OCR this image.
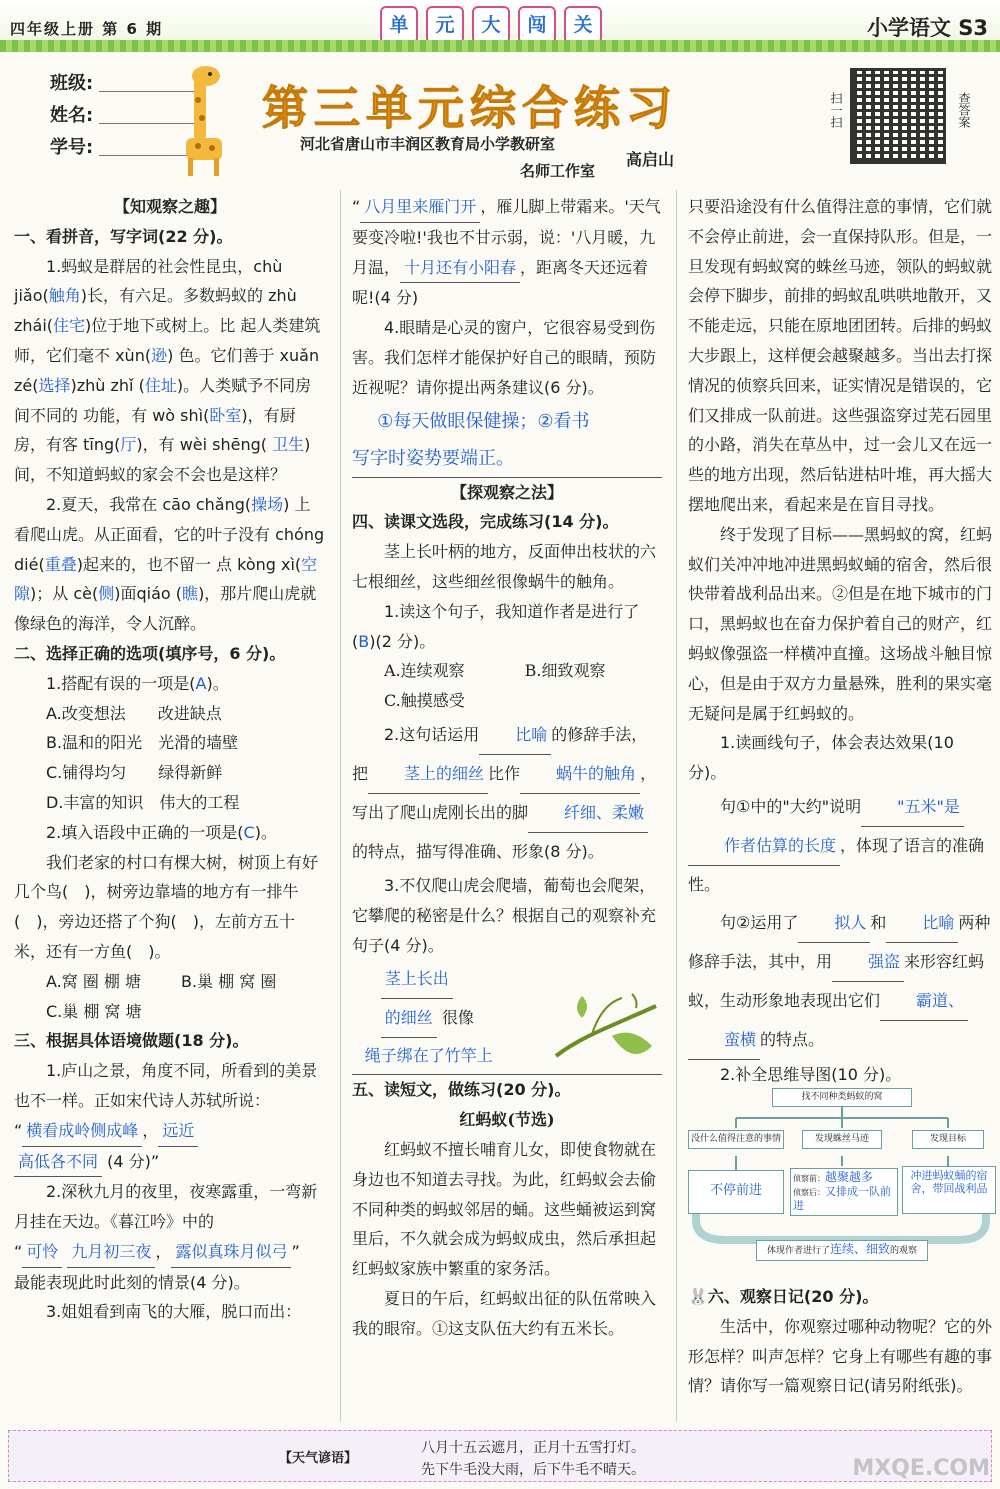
四年级上册 第 6 期	单	元	大	闯	关	小学语文 S3
班级:
姓名:
学号:
第三单元综合练习
河北省唐山市丰润区教育局小学教研室
名师工作室
高启山
扫一扫	查答案
【知观察之趣】
一、看拼音，写字词(22 分)。
1.蚂蚁是群居的社会性昆虫，chù jiǎo(触角)长，有六足。多数蚂蚁的 zhù zhái(住宅)位于地下或树上。比 起人类建筑师，它们毫不 xùn(逊) 色。它们善于 xuǎn zé(选择)zhù zhǐ (住址)。人类赋予不同房间不同的 功能，有 wò shì(卧室)，有厨房，有客 tīng(厅)，有 wèi shēng( 卫生)间，不知道蚂蚁的家会不会也是这样？
2.夏天，我常在 cāo chǎng(操场) 上看爬山虎。从正面看，它的叶子没有 chóng dié(重叠)起来的，也不留一 点 kòng xì(空隙)；从 cè(侧)面qiáo (瞧)，那片爬山虎就像绿色的海洋，令人沉醉。
二、选择正确的选项(填序号，6 分)。
1.搭配有误的一项是(A)。
A.改变想法　　改进缺点
B.温和的阳光　光滑的墙壁
C.铺得均匀　　绿得新鲜
D.丰富的知识　伟大的工程
2.填入语段中正确的一项是(C)。
我们老家的村口有棵大树，树顶上有好几个鸟(　)，树旁边靠墙的地方有一排牛(　)，旁边还搭了个狗(　)，左前方五十米，还有一方鱼(　)。
A.窝 圈 棚 塘	B.巢 棚 窝 圈
C.巢 棚 窝 塘
三、根据具体语境做题(18 分)。
1.庐山之景，角度不同，所看到的美景也不一样。正如宋代诗人苏轼所说：
“ 横看成岭侧成峰 ， 远近
高低各不同 (4 分)”
2.深秋九月的夜里，夜寒露重，一弯新月挂在天边。《暮江吟》中的
“ 可怜 九月初三夜 ， 露似真珠月似弓 ”
最能表现此时此刻的情景(4 分)。
3.姐姐看到南飞的大雁，脱口而出：
“ 八月里来雁门开 ，雁儿脚上带霜来。'天气要变冷啦!'我也不甘示弱，说：'八月暖，九月温， 十月还有小阳春 ，距离冬天还远着呢!(4 分)
4.眼睛是心灵的窗户，它很容易受到伤害。我们怎样才能保护好自己的眼睛，预防近视呢？请你提出两条建议(6 分)。
①每天做眼保健操；②看书
写字时姿势要端正。
【探观察之法】
四、读课文选段，完成练习(14 分)。
茎上长叶柄的地方，反面伸出枝状的六七根细丝，这些细丝很像蜗牛的触角。
1.读这个句子，我知道作者是进行了(B)(2 分)。
A.连续观察	B.细致观察
C.触摸感受
2.这句话运用 比喻 的修辞手法，把 茎上的细丝 比作 蜗牛的触角 ，写出了爬山虎刚长出的脚 纤细、柔嫩的特点，描写得准确、形象(8 分)。
3.不仅爬山虎会爬墙，葡萄也会爬架，它攀爬的秘密是什么？根据自己的观察补充句子(4 分)。
茎上长出
的细丝 很像
绳子绑在了竹竿上
五、读短文，做练习(20 分)。
红蚂蚁(节选)
红蚂蚁不擅长哺育儿女，即使食物就在身边也不知道去寻找。为此，红蚂蚁会去偷不同种类的蚂蚁邻居的蛹。这些蛹被运到窝里后，不久就会成为蚂蚁成虫，然后承担起红蚂蚁家族中繁重的家务活。
夏日的午后，红蚂蚁出征的队伍常映入我的眼帘。①这支队伍大约有五米长。
只要沿途没有什么值得注意的事情，它们就不会停止前进，会一直保持队形。但是，一旦发现有蚂蚁窝的蛛丝马迹，领队的蚂蚁就会停下脚步，前排的蚂蚁乱哄哄地散开，又不能走远，只能在原地团团转。后排的蚂蚁大步跟上，这样便会越聚越多。当出去打探情况的侦察兵回来，证实情况是错误的，它们又排成一队前进。这些强盗穿过芜石园里的小路，消失在草丛中，过一会儿又在远一些的地方出现，然后钻进枯叶堆，再大摇大摆地爬出来，看起来是在盲目寻找。
终于发现了目标——黑蚂蚁的窝，红蚂蚁们关冲冲地冲进黑蚂蚁蛹的宿舍，然后很快带着战利品出来。②但是在地下城市的门口，黑蚂蚁也在奋力保护着自己的财产，红蚂蚁像强盗一样横冲直撞。这场战斗触目惊心，但是由于双方力量悬殊，胜利的果实毫无疑问是属于红蚂蚁的。
1.读画线句子，体会表达效果(10 分)。
句①中的"大约"说明 "五米"是作者估算的长度 ，体现了语言的准确性。
句②运用了 拟人 和 比喻 两种修辞手法，其中，用 强盗 来形容红蚂蚁，生动形象地表现出它们 霸道、蛮横 的特点。
2.补全思维导图(10 分)。
找不同种类蚂蚁的窝
没什么值得注意的事情	发现蛛丝马迹	发现目标
不停前进
侦察前：越聚越多
侦察后：又排成一队前进
冲进蚂蚁蛹的宿舍，带回战利品
体现作者进行了连续、细致的观察
🐰六、观察日记(20 分)。
生活中，你观察过哪种动物呢？它的外形怎样？叫声怎样？它身上有哪些有趣的事情？请你写一篇观察日记(请另附纸张)。
【天气谚语】
八月十五云遮月，正月十五雪打灯。
先下牛毛没大雨，后下牛毛不晴天。	MXQE.COM
